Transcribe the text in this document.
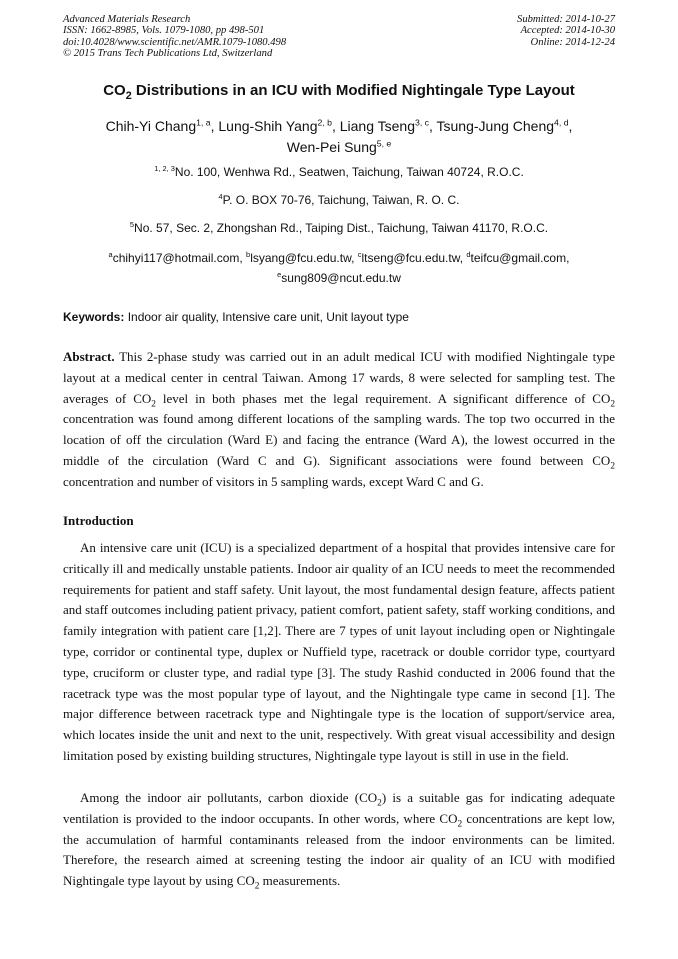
Advanced Materials Research
ISSN: 1662-8985, Vols. 1079-1080, pp 498-501
doi:10.4028/www.scientific.net/AMR.1079-1080.498
© 2015 Trans Tech Publications Ltd, Switzerland
Submitted: 2014-10-27
Accepted: 2014-10-30
Online: 2014-12-24
$CO_2$ Distributions in an ICU with Modified Nightingale Type Layout
Chih-Yi Chang$^{1, a}$, Lung-Shih Yang$^{2, b}$, Liang Tseng$^{3, c}$, Tsung-Jung Cheng$^{4, d}$,
Wen-Pei Sung$^{5, e}$
$^{1, 2, 3}$No. 100, Wenhwa Rd., Seatwen, Taichung, Taiwan 40724, R.O.C.
$^4$P. O. BOX 70-76, Taichung, Taiwan, R. O. C.
$^5$No. 57, Sec. 2, Zhongshan Rd., Taiping Dist., Taichung, Taiwan 41170, R.O.C.
$^a$chihyi117@hotmail.com, $^b$lsyang@fcu.edu.tw, $^c$ltseng@fcu.edu.tw, $^d$teifcu@gmail.com,
$^e$sung809@ncut.edu.tw
Keywords: Indoor air quality, Intensive care unit, Unit layout type
Abstract. This 2-phase study was carried out in an adult medical ICU with modified Nightingale type layout at a medical center in central Taiwan. Among 17 wards, 8 were selected for sampling test. The averages of $CO_2$ level in both phases met the legal requirement. A significant difference of $CO_2$ concentration was found among different locations of the sampling wards. The top two occurred in the location of off the circulation (Ward E) and facing the entrance (Ward A), the lowest occurred in the middle of the circulation (Ward C and G). Significant associations were found between $CO_2$ concentration and number of visitors in 5 sampling wards, except Ward C and G.
Introduction
An intensive care unit (ICU) is a specialized department of a hospital that provides intensive care for critically ill and medically unstable patients. Indoor air quality of an ICU needs to meet the recommended requirements for patient and staff safety. Unit layout, the most fundamental design feature, affects patient and staff outcomes including patient privacy, patient comfort, patient safety, staff working conditions, and family integration with patient care [1,2]. There are 7 types of unit layout including open or Nightingale type, corridor or continental type, duplex or Nuffield type, racetrack or double corridor type, courtyard type, cruciform or cluster type, and radial type [3]. The study Rashid conducted in 2006 found that the racetrack type was the most popular type of layout, and the Nightingale type came in second [1]. The major difference between racetrack type and Nightingale type is the location of support/service area, which locates inside the unit and next to the unit, respectively. With great visual accessibility and design limitation posed by existing building structures, Nightingale type layout is still in use in the field.
Among the indoor air pollutants, carbon dioxide $(CO_2)$ is a suitable gas for indicating adequate ventilation is provided to the indoor occupants. In other words, where $CO_2$ concentrations are kept low, the accumulation of harmful contaminants released from the indoor environments can be limited. Therefore, the research aimed at screening testing the indoor air quality of an ICU with modified Nightingale type layout by using $CO_2$ measurements.
